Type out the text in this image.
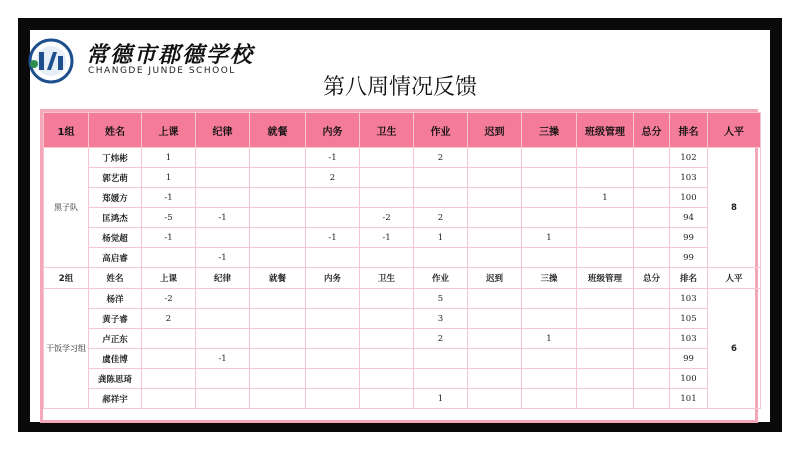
常德市郡德学校
CHANGDE JUNDE SCHOOL
第八周情况反馈
1组	姓名	上课	纪律	就餐	内务	卫生	作业	迟到	三操	班级管理	总分	排名	人平	
黑子队	丁炜彬	1			-1		2					102	8	
	郭艺萌	1			2							103		
	郑媛方	-1								1		100		
	匡鸿杰	-5	-1			-2	2					94		
	杨觉超	-1			-1	-1	1		1			99		
	高启睿		-1									99		
2组	姓名	上课	纪律	就餐	内务	卫生	作业	迟到	三操	班级管理	总分	排名	人平	
干饭学习组	杨洋	-2					5					103	6	
	黄子睿	2					3					105		
	卢正东						2		1			103		
	虞佳博		-1									99		
	龚陈思琦											100		
	郝祥宇						1					101		
